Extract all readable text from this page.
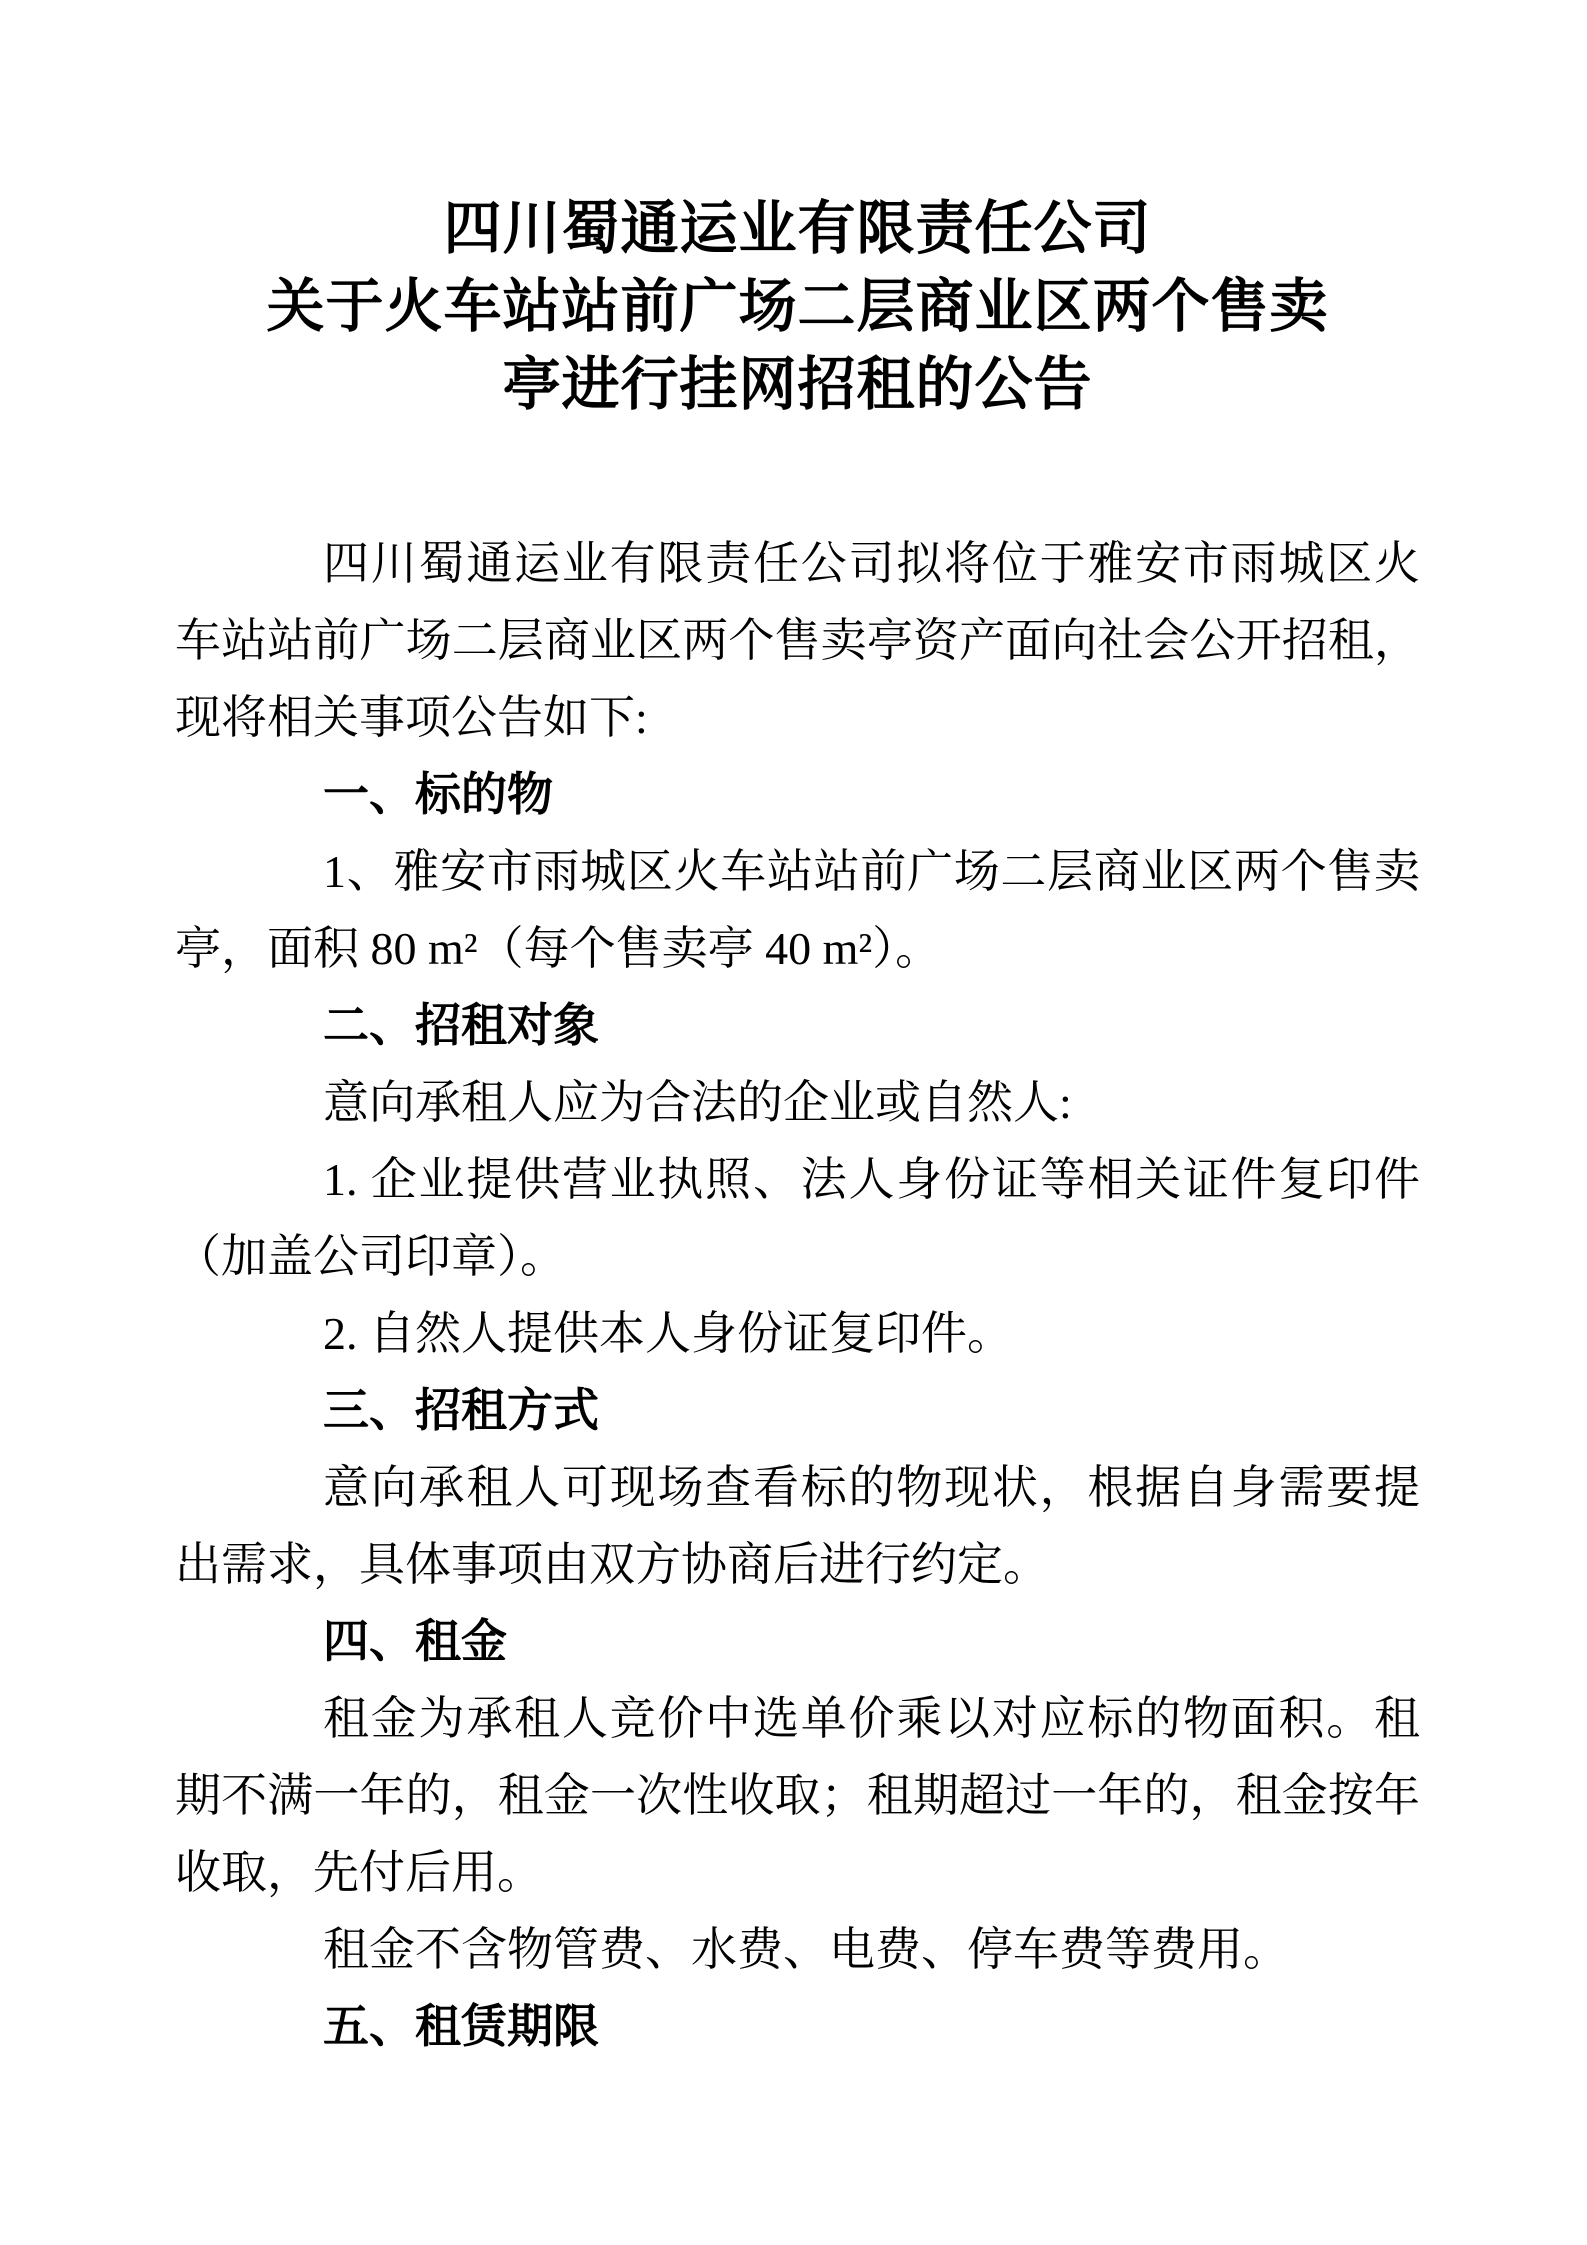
四川蜀通运业有限责任公司
关于火车站站前广场二层商业区两个售卖
亭进行挂网招租的公告

四川蜀通运业有限责任公司拟将位于雅安市雨城区火车站站前广场二层商业区两个售卖亭资产面向社会公开招租，现将相关事项公告如下:

一、标的物

1、雅安市雨城区火车站站前广场二层商业区两个售卖亭，面积 80 m²（每个售卖亭 40 m²）。

二、招租对象

意向承租人应为合法的企业或自然人:

1. 企业提供营业执照、法人身份证等相关证件复印件（加盖公司印章）。

2. 自然人提供本人身份证复印件。

三、招租方式

意向承租人可现场查看标的物现状，根据自身需要提出需求，具体事项由双方协商后进行约定。

四、租金

租金为承租人竞价中选单价乘以对应标的物面积。租期不满一年的，租金一次性收取；租期超过一年的，租金按年收取，先付后用。

租金不含物管费、水费、电费、停车费等费用。

五、租赁期限
